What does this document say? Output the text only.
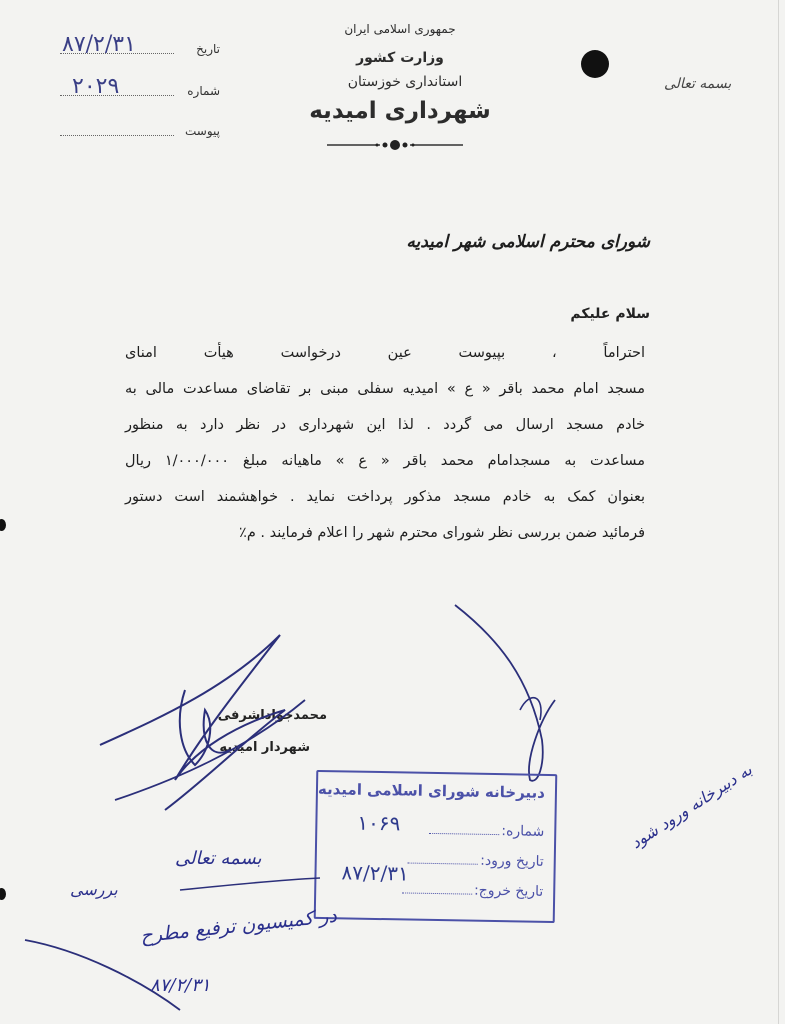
جمهوری اسلامی ایران
وزارت کشور
استانداری خوزستان
شهرداری امیدیه
بسمه تعالی
تاریخ
۸۷/۲/۳۱
شماره
۲۰۲۹
پیوست
شورای محترم اسلامی شهر امیدیه
سلام علیکم
احتراماً ، بپیوست عین درخواست هیأت امنای
مسجد امام محمد باقر « ع » امیدیه سفلی مبنی بر تقاضای مساعدت مالی به
خادم مسجد ارسال می گردد . لذا این شهرداری در نظر دارد به منظور
مساعدت به مسجدامام محمد باقر « ع » ماهیانه مبلغ ۱/۰۰۰/۰۰۰ ریال
بعنوان کمک به خادم مسجد مذکور پرداخت نماید . خواهشمند است دستور
فرمائید ضمن بررسی نظر شورای محترم شهر را اعلام فرمایند . م٪
محمدجواداشرفی
شهردار امیدیه
به دبیرخانه ورود شود
دبیرخانه شورای اسلامی امیدیه
شماره:
تاریخ ورود:
تاریخ خروج:
۱۰۶۹
۸۷/۲/۳۱
بسمه تعالی
بررسی
در کمیسیون ترفیع مطرح
۸۷/۲/۳۱
